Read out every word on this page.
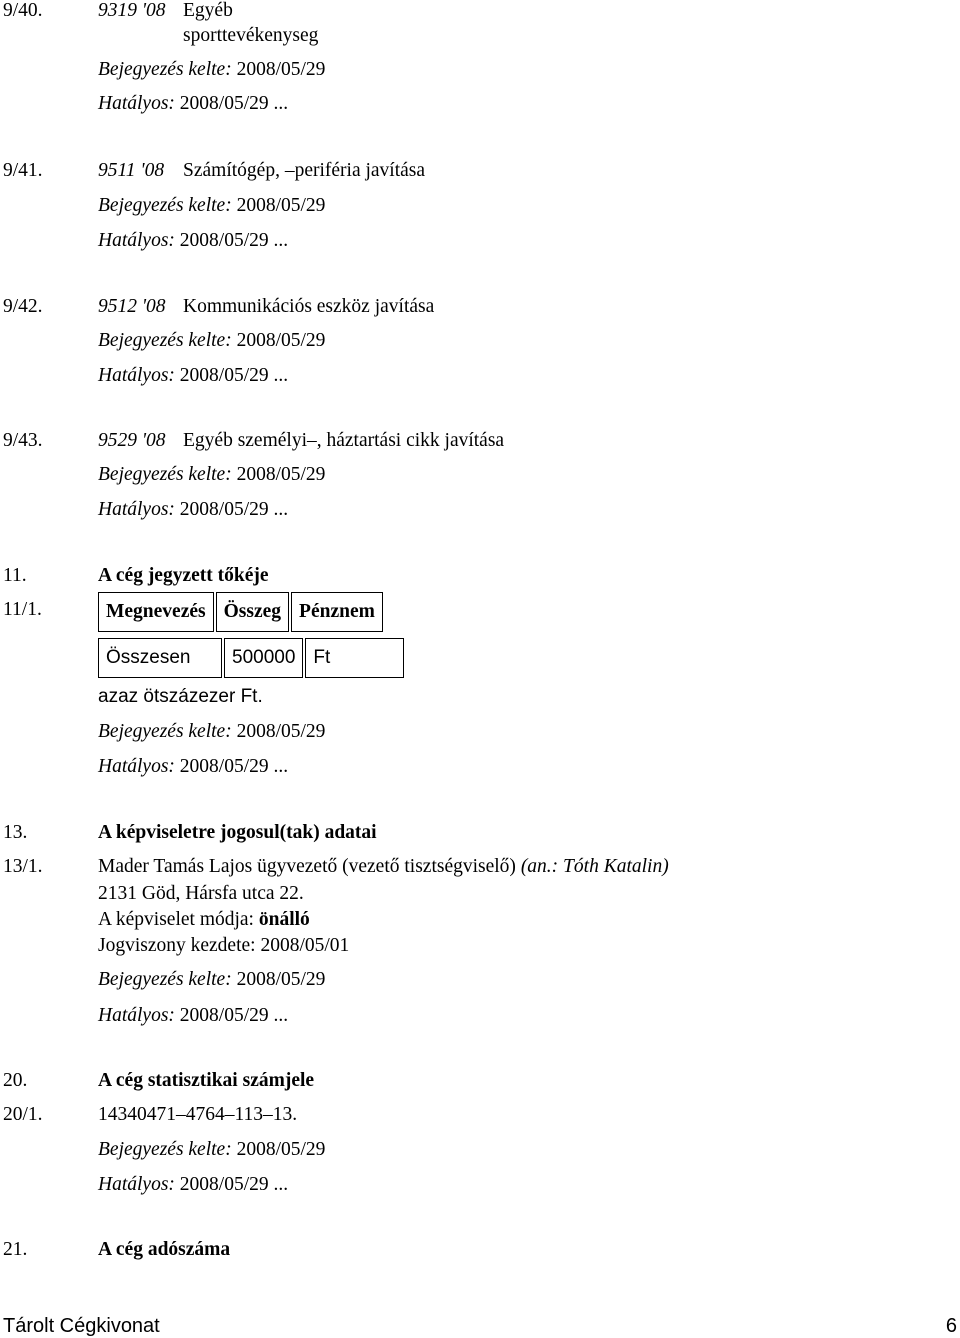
9/40.	9319 '08 Egyéb
sporttevékenyseg
Bejegyezés kelte: 2008/05/29
Hatályos: 2008/05/29 ...
9/41.	9511 '08 Számítógép, –periféria javítása
Bejegyezés kelte: 2008/05/29
Hatályos: 2008/05/29 ...
9/42.	9512 '08 Kommunikációs eszköz javítása
Bejegyezés kelte: 2008/05/29
Hatályos: 2008/05/29 ...
9/43.	9529 '08 Egyéb személyi–, háztartási cikk javítása
Bejegyezés kelte: 2008/05/29
Hatályos: 2008/05/29 ...
11.	A cég jegyzett tőkéje
11/1.	Megnevezés	Összeg	Pénznem
Összesen	500000	Ft
azaz ötszázezer Ft.
Bejegyezés kelte: 2008/05/29
Hatályos: 2008/05/29 ...
13.	A képviseletre jogosul(tak) adatai
13/1.	Mader Tamás Lajos ügyvezető (vezető tisztségviselő) (an.: Tóth Katalin)
2131 Göd, Hársfa utca 22.
A képviselet módja: önálló
Jogviszony kezdete: 2008/05/01
Bejegyezés kelte: 2008/05/29
Hatályos: 2008/05/29 ...
20.	A cég statisztikai számjele
20/1.	14340471–4764–113–13.
Bejegyezés kelte: 2008/05/29
Hatályos: 2008/05/29 ...
21.	A cég adószáma
Tárolt Cégkivonat	6
